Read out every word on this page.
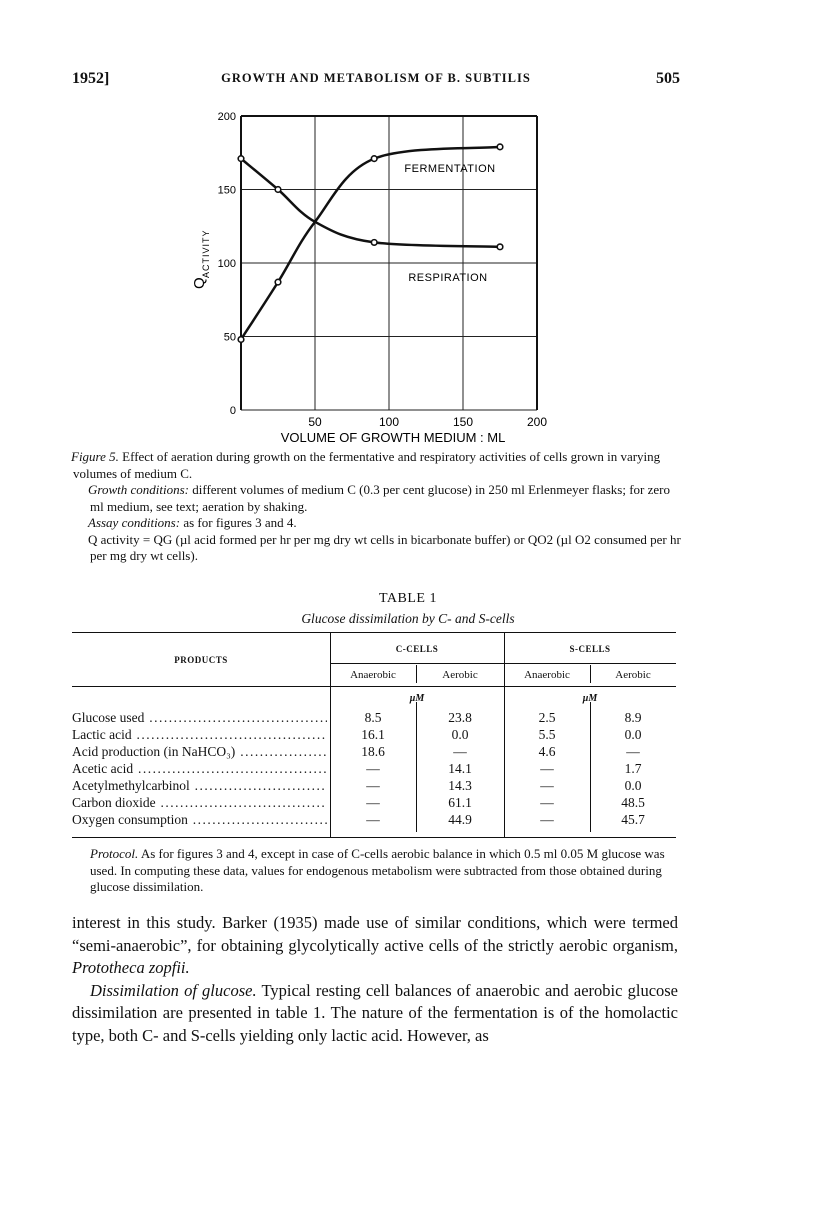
1952]	GROWTH AND METABOLISM OF B. SUBTILIS	505
200
150
100
50
0
50	100	150	200
VOLUME OF GROWTH MEDIUM : ML
Q
ACTIVITY
FERMENTATION
RESPIRATION

Figure 5. Effect of aeration during growth on the fermentative and respiratory activities of cells grown in varying volumes of medium C.

Growth conditions: different volumes of medium C (0.3 per cent glucose) in 250 ml Erlenmeyer flasks; for zero ml medium, see text; aeration by shaking.

Assay conditions: as for figures 3 and 4.

Q activity = QG (µl acid formed per hr per mg dry wt cells in bicarbonate buffer) or QO2 (µl O2 consumed per hr per mg dry wt cells).

TABLE 1
Glucose dissimilation by C- and S-cells
PRODUCTS
C-CELLS	S-CELLS
Anaerobic	Aerobic	Anaerobic	Aerobic
µM	µM
Glucose used .....	8.5	23.8	2.5	8.9
Lactic acid .....	16.1	0.0	5.5	0.0
Acid production (in NaHCO₃) .....	18.6	—	4.6	—
Acetic acid .....	—	14.1	—	1.7
Acetylmethylcarbinol .....	—	14.3	—	0.0
Carbon dioxide .....	—	61.1	—	48.5
Oxygen consumption .....	—	44.9	—	45.7
Protocol. As for figures 3 and 4, except in case of C-cells aerobic balance in which 0.5 ml 0.05 M glucose was used. In computing these data, values for endogenous metabolism were subtracted from those obtained during glucose dissimilation.

interest in this study. Barker (1935) made use of similar conditions, which were termed “semi-anaerobic”, for obtaining glycolytically active cells of the strictly aerobic organism, Prototheca zopfii.

Dissimilation of glucose. Typical resting cell balances of anaerobic and aerobic glucose dissimilation are presented in table 1. The nature of the fermentation is of the homolactic type, both C- and S-cells yielding only lactic acid. However, as
